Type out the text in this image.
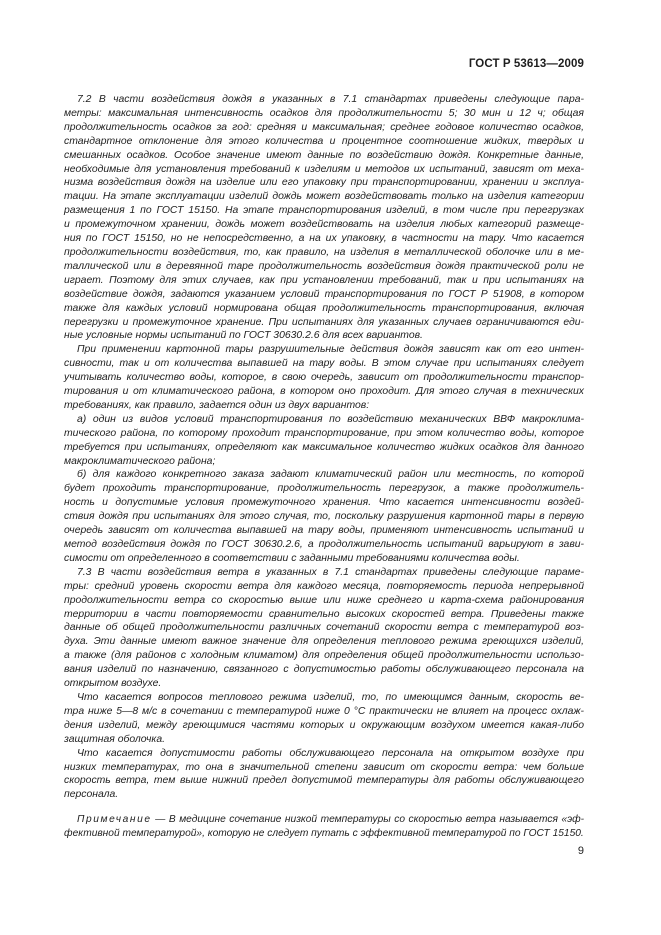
ГОСТ Р 53613—2009
7.2 В части воздействия дождя в указанных в 7.1 стандартах приведены следующие пара-
метры: максимальная интенсивность осадков для продолжительности 5; 30 мин и 12 ч; общая
продолжительность осадков за год: средняя и максимальная; среднее годовое количество осадков,
стандартное отклонение для этого количества и процентное соотношение жидких, твердых и
смешанных осадков. Особое значение имеют данные по воздействию дождя. Конкретные данные,
необходимые для установления требований к изделиям и методов их испытаний, зависят от меха-
низма воздействия дождя на изделие или его упаковку при транспортировании, хранении и эксплуа-
тации. На этапе эксплуатации изделий дождь может воздействовать только на изделия категории
размещения 1 по ГОСТ 15150. На этапе транспортирования изделий, в том числе при перегрузках
и промежуточном хранении, дождь может воздействовать на изделия любых категорий размеще-
ния по ГОСТ 15150, но не непосредственно, а на их упаковку, в частности на тару. Что касается
продолжительности воздействия, то, как правило, на изделия в металлической оболочке или в ме-
таллической или в деревянной таре продолжительность воздействия дождя практической роли не
играет. Поэтому для этих случаев, как при установлении требований, так и при испытаниях на
воздействие дождя, задаются указанием условий транспортирования по ГОСТ Р 51908, в котором
также для каждых условий нормирована общая продолжительность транспортирования, включая
перегрузки и промежуточное хранение. При испытаниях для указанных случаев ограничиваются еди-
ные условные нормы испытаний по ГОСТ 30630.2.6 для всех вариантов.
При применении картонной тары разрушительные действия дождя зависят как от его интен-
сивности, так и от количества выпавшей на тару воды. В этом случае при испытаниях следует
учитывать количество воды, которое, в свою очередь, зависит от продолжительности транспор-
тирования и от климатического района, в котором оно проходит. Для этого случая в технических
требованиях, как правило, задается один из двух вариантов:
а) один из видов условий транспортирования по воздействию механических ВВФ макроклима-
тического района, по которому проходит транспортирование, при этом количество воды, которое
требуется при испытаниях, определяют как максимальное количество жидких осадков для данного
макроклиматического района;
б) для каждого конкретного заказа задают климатический район или местность, по которой
будет проходить транспортирование, продолжительность перегрузок, а также продолжитель-
ность и допустимые условия промежуточного хранения. Что касается интенсивности воздей-
ствия дождя при испытаниях для этого случая, то, поскольку разрушения картонной тары в первую
очередь зависят от количества выпавшей на тару воды, применяют интенсивность испытаний и
метод воздействия дождя по ГОСТ 30630.2.6, а продолжительность испытаний варьируют в зави-
симости от определенного в соответствии с заданными требованиями количества воды.
7.3 В части воздействия ветра в указанных в 7.1 стандартах приведены следующие параме-
тры: средний уровень скорости ветра для каждого месяца, повторяемость периода непрерывной
продолжительности ветра со скоростью выше или ниже среднего и карта-схема районирования
территории в части повторяемости сравнительно высоких скоростей ветра. Приведены также
данные об общей продолжительности различных сочетаний скорости ветра с температурой воз-
духа. Эти данные имеют важное значение для определения теплового режима греющихся изделий,
а также (для районов с холодным климатом) для определения общей продолжительности использо-
вания изделий по назначению, связанного с допустимостью работы обслуживающего персонала на
открытом воздухе.
Что касается вопросов теплового режима изделий, то, по имеющимся данным, скорость ве-
тра ниже 5—8 м/с в сочетании с температурой ниже 0 °С практически не влияет на процесс охлаж-
дения изделий, между греющимися частями которых и окружающим воздухом имеется какая-либо
защитная оболочка.
Что касается допустимости работы обслуживающего персонала на открытом воздухе при
низких температурах, то она в значительной степени зависит от скорости ветра: чем больше
скорость ветра, тем выше нижний предел допустимой температуры для работы обслуживающего
персонала.
Примечание — В медицине сочетание низкой температуры со скоростью ветра называется «эф-
фективной температурой», которую не следует путать с эффективной температурой по ГОСТ 15150.
9
